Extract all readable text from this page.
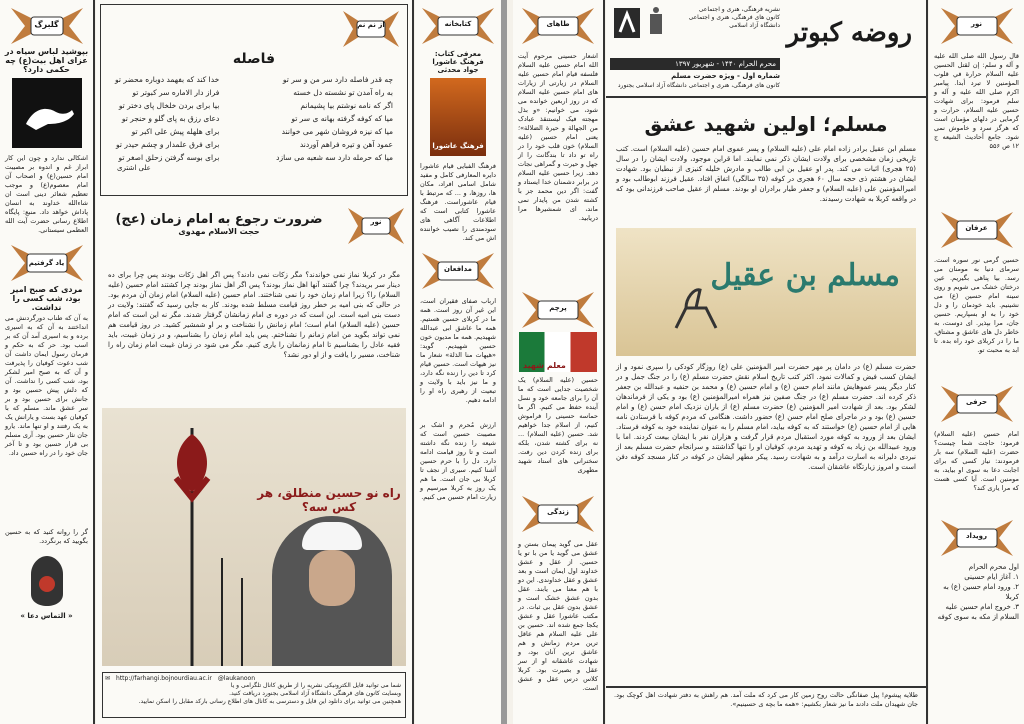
گلبرگ
بپوشید لباس سیاه در عزای اهل بیت(ع) چه حکمی دارد؟

اشکالی ندارد و چون این کار ابراز غم و اندوه بر مصیبت امام حسین(ع) و اصحاب آن امام معصوم(ع) و موجب تعظیم شعائر دینی است ان شاءالله خداوند به انسان پاداش خواهد داد. منبع: پایگاه اطلاع رسانی حضرت آیت الله العظمی سیستانی.

یاد گرفتیم
مردی که صبح امیر بود، شب کسی را نداشت.

به آن که طناب دورگردنش می انداختند به آن که به اسیری برده و به اسیری آمد آن که بر اسب بود. حر که به حکم و فرمان رسول ایمان داشت آن شب دعوت کوفیان را پذیرفت و آن که به صبح امیر لشکر بود، شب کسی را نداشت. آن که دلش پیش حسین بود و جانش برای حسین بود و بر سر عشق ماند. مسلم که با کوفیان عهد بست و یارانش یک به یک رفتند و او تنها ماند. یارو جان نثار حسین بود. آری مسلم بی قرار حسین بود و تا آخر جان خود را در راه حسین داد.

گر را روانه کنید که به حسین بگویید که برنگردد.

« التماس دعا »
از نم نم
فاصله
چه قدر فاصله دارد سر من و سر تو
به راه آمدن تو نشسته دل خسته
اگر که نامه نوشتم بیا پشیمانم
میا که کوفه گرفته بهانه ی سر تو
میا که نیزه فروشان شهر می خوانند
عمود آهن و تیره فراهم آوردند
میا که حرمله دارد سه شعبه می سازد
خدا کند که بفهمد دوباره محضر تو
فراز دار الاماره سر کبوتر تو
بیا برای بردن خلخال پای دختر تو
دعای رزق به پای گلو و حنجر تو
برای هلهله پیش علی اکبر تو
برای فرق علمدار و چشم حیدر تو
برای بوسه گرفتن زحلق اصغر تو
علی اشتری
نور
ضرورت رجوع به امام زمان (عج)
حجت الاسلام مهدوی

مگر در کربلا نماز نمی خواندند؟ مگر زکات نمی دادند؟ پس اگر اهل زکات بودند پس چرا برای ده دینار سر بریدند؟ چرا گفتند آنها اهل نماز بودند؟ پس اگر اهل نماز بودند چرا کشتند امام حسین (علیه السلام) را؟ زیرا امام زمان خود را نمی شناختند. امام حسین (علیه السلام) امام زمان آن مردم بود. در حالی که بنی امیه بر خطر روز قیامت مسلط شده بودند. کار به جایی رسید که گفتند: ولایت در دست بنی امیه است. این است که در دوره ی امام زمانشان گرفتار شدند. مگر نه این است که امام حسین (علیه السلام) امام است؛ امام زمانش را نشناخت و بر او شمشیر کشید. در روز قیامت هم نمی تواند بگوید من امام زمانم را نشناختم. پس باید امام زمان را بشناسیم، و در زمان غیبت، باید فقیه عادل را بشناسیم تا امام زمانمان را یاری کنیم. مگر می شود در زمان غیبت امام زمان راه را شناخت، مسیر را یافت و از او دور نشد؟

راه نو حسین منطلق، هر کس سه؟
✉ http://farhangi.bojnourdiau.ac.ir @laukanoon
شما می توانید فایل الکترونیکی نشریه را از طریق کانال تلگرامی و یا
وبسایت کانون های فرهنگی دانشگاه آزاد اسلامی بجنورد دریافت کنید.
همچنین می توانید برای دانلود این فایل و دسترسی به کانال های اطلاع رسانی بارکد مقابل را اسکن نمایید.
کتابخانه
معرفی کتاب:
فرهنگ عاشورا
جواد محدثی
فرهنگ عاشورا

فرهنگ الفبایی قیام عاشورا دایره المعارفی کامل و مفید شامل اسامی افراد، مکان ها، روزها، و ... که مرتبط با قیام عاشوراست. فرهنگ عاشورا کتابی است که اطلاعات آگاهی های سودمندی را نصیب خواننده اش می کند.

مدافعان

ارباب صفای فقیران است، این غیر آن روز است. همه ما در کربلای حسین هستیم. همه ما عاشق ابی عبدالله شهیدیم. همه ما مدیون خون حسین شهیدیم. گوید: «هیهات منا الذلة» شعار ما نیز هیهات است. حسین قیام کرد تا دین را زنده نگه دارد، و ما نیز باید با ولایت و تبعیت از رهبری راه او را ادامه دهیم.

ارزش مُحرم و اشک بر مصیبت حسین است که شیعه را زنده نگه داشته است و تا روز قیامت ادامه دارد. دل را با حرم حسین آشنا کنیم. سیری از نجف تا کربلا بی جان است. ما هم یک روز به کربلا میرسیم و زیارت امام حسین می کنیم.

طاهای

اشعار حسینی مرحوم آیت الله امام حسین علیه السلام فلسفه قیام امام حسین علیه السلام در زیارتی از زیارات های امام حسین علیه السلام که در روز اربعین خوانده می شود، می خوانیم: «و بذل مهجته فیک لیستنقذ عبادک من الجهالة و حیرة الضلالة»؛ یعنی امام حسین (علیه السلام) خون قلب خود را در راه تو داد تا بندگانت را از جهل و حیرت و گمراهی نجات دهد. زیرا حسین علیه السلام در برابر دشمنان خدا ایستاد و گفت: اگر دین محمد جز با کشته شدن من پایدار نمی ماند، ای شمشیرها مرا دریابید.

پرچم
معلم شهید

حسین (علیه السلام) یک شخصیت جدایی است که ما آن را برای جامعه خود و نسل آینده حفظ می کنیم. اگر ما حماسه حسینی را فراموش کنیم، از اسلام جدا خواهیم شد. حسین (علیه السلام) ... نه برای کشته شدن، بلکه برای زنده کردن دین رفت. سخنرانی های استاد شهید مطهری

زندگی

عقل می گوید پیمان بستن و عشق می گوید یا من با تو یا حسین. از عقل و عشق خداوند اول ایمان است و بعد عشق و عقل خداوندی. این دو با هم معنا می یابند. عقل بدون عشق خشک است و عشق بدون عقل بی ثبات. در مکتب عاشورا عقل و عشق یکجا جمع شده اند. حسین بن علی علیه السلام هم عاقل ترین مردم زمانش و هم عاشق ترین آنان بود، و شهادت عاشقانه او از سر عقل و بصیرت بود. کربلا کلاس درس عقل و عشق است.

روضه کبوتر
نشریه فرهنگی، هنری و اجتماعی
کانون های فرهنگی، هنری و اجتماعی دانشگاه آزاد اسلامی
محرم الحرام ۱۴۴۰ - شهریور ۱۳۹۷
شماره اول - ویژه حضرت مسلم
کانون های فرهنگی، هنری و اجتماعی دانشگاه آزاد اسلامی بجنورد
مسلم؛ اولین شهید عشق

مسلم ابن عقیل برادر زاده امام علی (علیه السلام) و پسر عموی امام حسین (علیه السلام) است. کتب تاریخی زمان مشخصی برای ولادت ایشان ذکر نمی نمایند. اما قراین موجود، ولادت ایشان را در سال (۲۵ هجری) اثبات می کند. پدر او عقیل بن ابی طالب و مادرش خلیله کنیزی از نبطیان بود. شهادت ایشان در هشتم ذی حجه سال ۶۰ هجری در کوفه (۳۵ سالگی) اتفاق افتاد. عقیل فرزند ابوطالب بود و امیرالمؤمنین علی (علیه السلام) و جعفر طیار برادران او بودند. مسلم از عقیل صاحب فرزندانی بود که در واقعه کربلا به شهادت رسیدند.

مسلم بن عقیل

حضرت مسلم (ع) در دامان پر مهر حضرت امیر المؤمنین علی (ع) روزگار کودکی را سپری نمود و از ایشان کسب فیض و کمالات نمود. اکثر کتب تاریخ اسلام نقش حضرت مسلم (ع) را در جنگ جمل و در کنار دیگر پسر عموهایش مانند امام حسن (ع) و امام حسین (ع) و محمد بن حنفیه و عبدالله بن جعفر ذکر کرده اند. حضرت مسلم (ع) در جنگ صفین نیز همراه امیرالمؤمنین (ع) بود و یکی از فرماندهان لشکر بود. بعد از شهادت امیر المؤمنین (ع) حضرت مسلم (ع) از یاران نزدیک امام حسن (ع) و امام حسین (ع) بود و در ماجرای صلح امام حسن (ع) حضور داشت. هنگامی که مردم کوفه با فرستادن نامه هایی از امام حسین (ع) خواستند که به کوفه بیاید، امام مسلم را به عنوان نماینده خود به کوفه فرستاد. ایشان بعد از ورود به کوفه مورد استقبال مردم قرار گرفت و هزاران نفر با ایشان بیعت کردند. اما با ورود عبیدالله بن زیاد به کوفه و تهدید مردم، کوفیان او را تنها گذاشتند و سرانجام حضرت مسلم بعد از نبردی دلیرانه به اسارت درآمد و به شهادت رسید. پیکر مطهر ایشان در کوفه در کنار مسجد کوفه دفن است و امروز زیارتگاه عاشقان است.

طلایه پیشوم! پیل صفانگی حالت روح زمین کار می کرد که ملت آمد. هم راهش به دفتر شهادت اهل کوچک بود. جان شهیدان ملت دادند ما نیز شعار بکشیم: «همه ما بچه ی حسینیم».

نور

قال رسول الله صلی الله علیه و آله و سلم: إن لقتل الحسین علیه السلام حرارة في قلوب المؤمنین لا تبرد أبدا. پیامبر اکرم صلی الله علیه و آله و سلم فرمود: برای شهادت حسین علیه السلام، حرارت و گرمایی در دلهای مؤمنان است که هرگز سرد و خاموش نمی شود. جامع أحادیث الشیعه ج ۱۲ ص ۵۵۶

عرفان

حسین گرمی نور سوره است. سرمای دنیا به مومنان می رسد. بیا پناهی بگیریم. عین درختان خشک می شویم و روی سینه امام حسین (ع) می نشینیم. باید خودمان را و دل خود را به او بسپاریم. حسین جان، مرا بپذیر. ای دوست، به خاطر دل های عاشق و مشتاق، ما را در کربلای خود راه بده. تا ابد به محبت تو.

حرفی

امام حسین (علیه السلام) فرمود: حاجت شما چیست؟ حضرت (علیه السلام) سه بار فرمودند: نیاز کسی که برای اجابت دعا به سوی او بیاید، به مومنین است. آیا کسی هست که مرا یاری کند؟

رویداد
اول محرم الحرام
۱. آغاز ایام حسینی
۲. ورود امام حسین (ع) به کربلا
۳. خروج امام حسین علیه السلام از مکه به سوی کوفه
